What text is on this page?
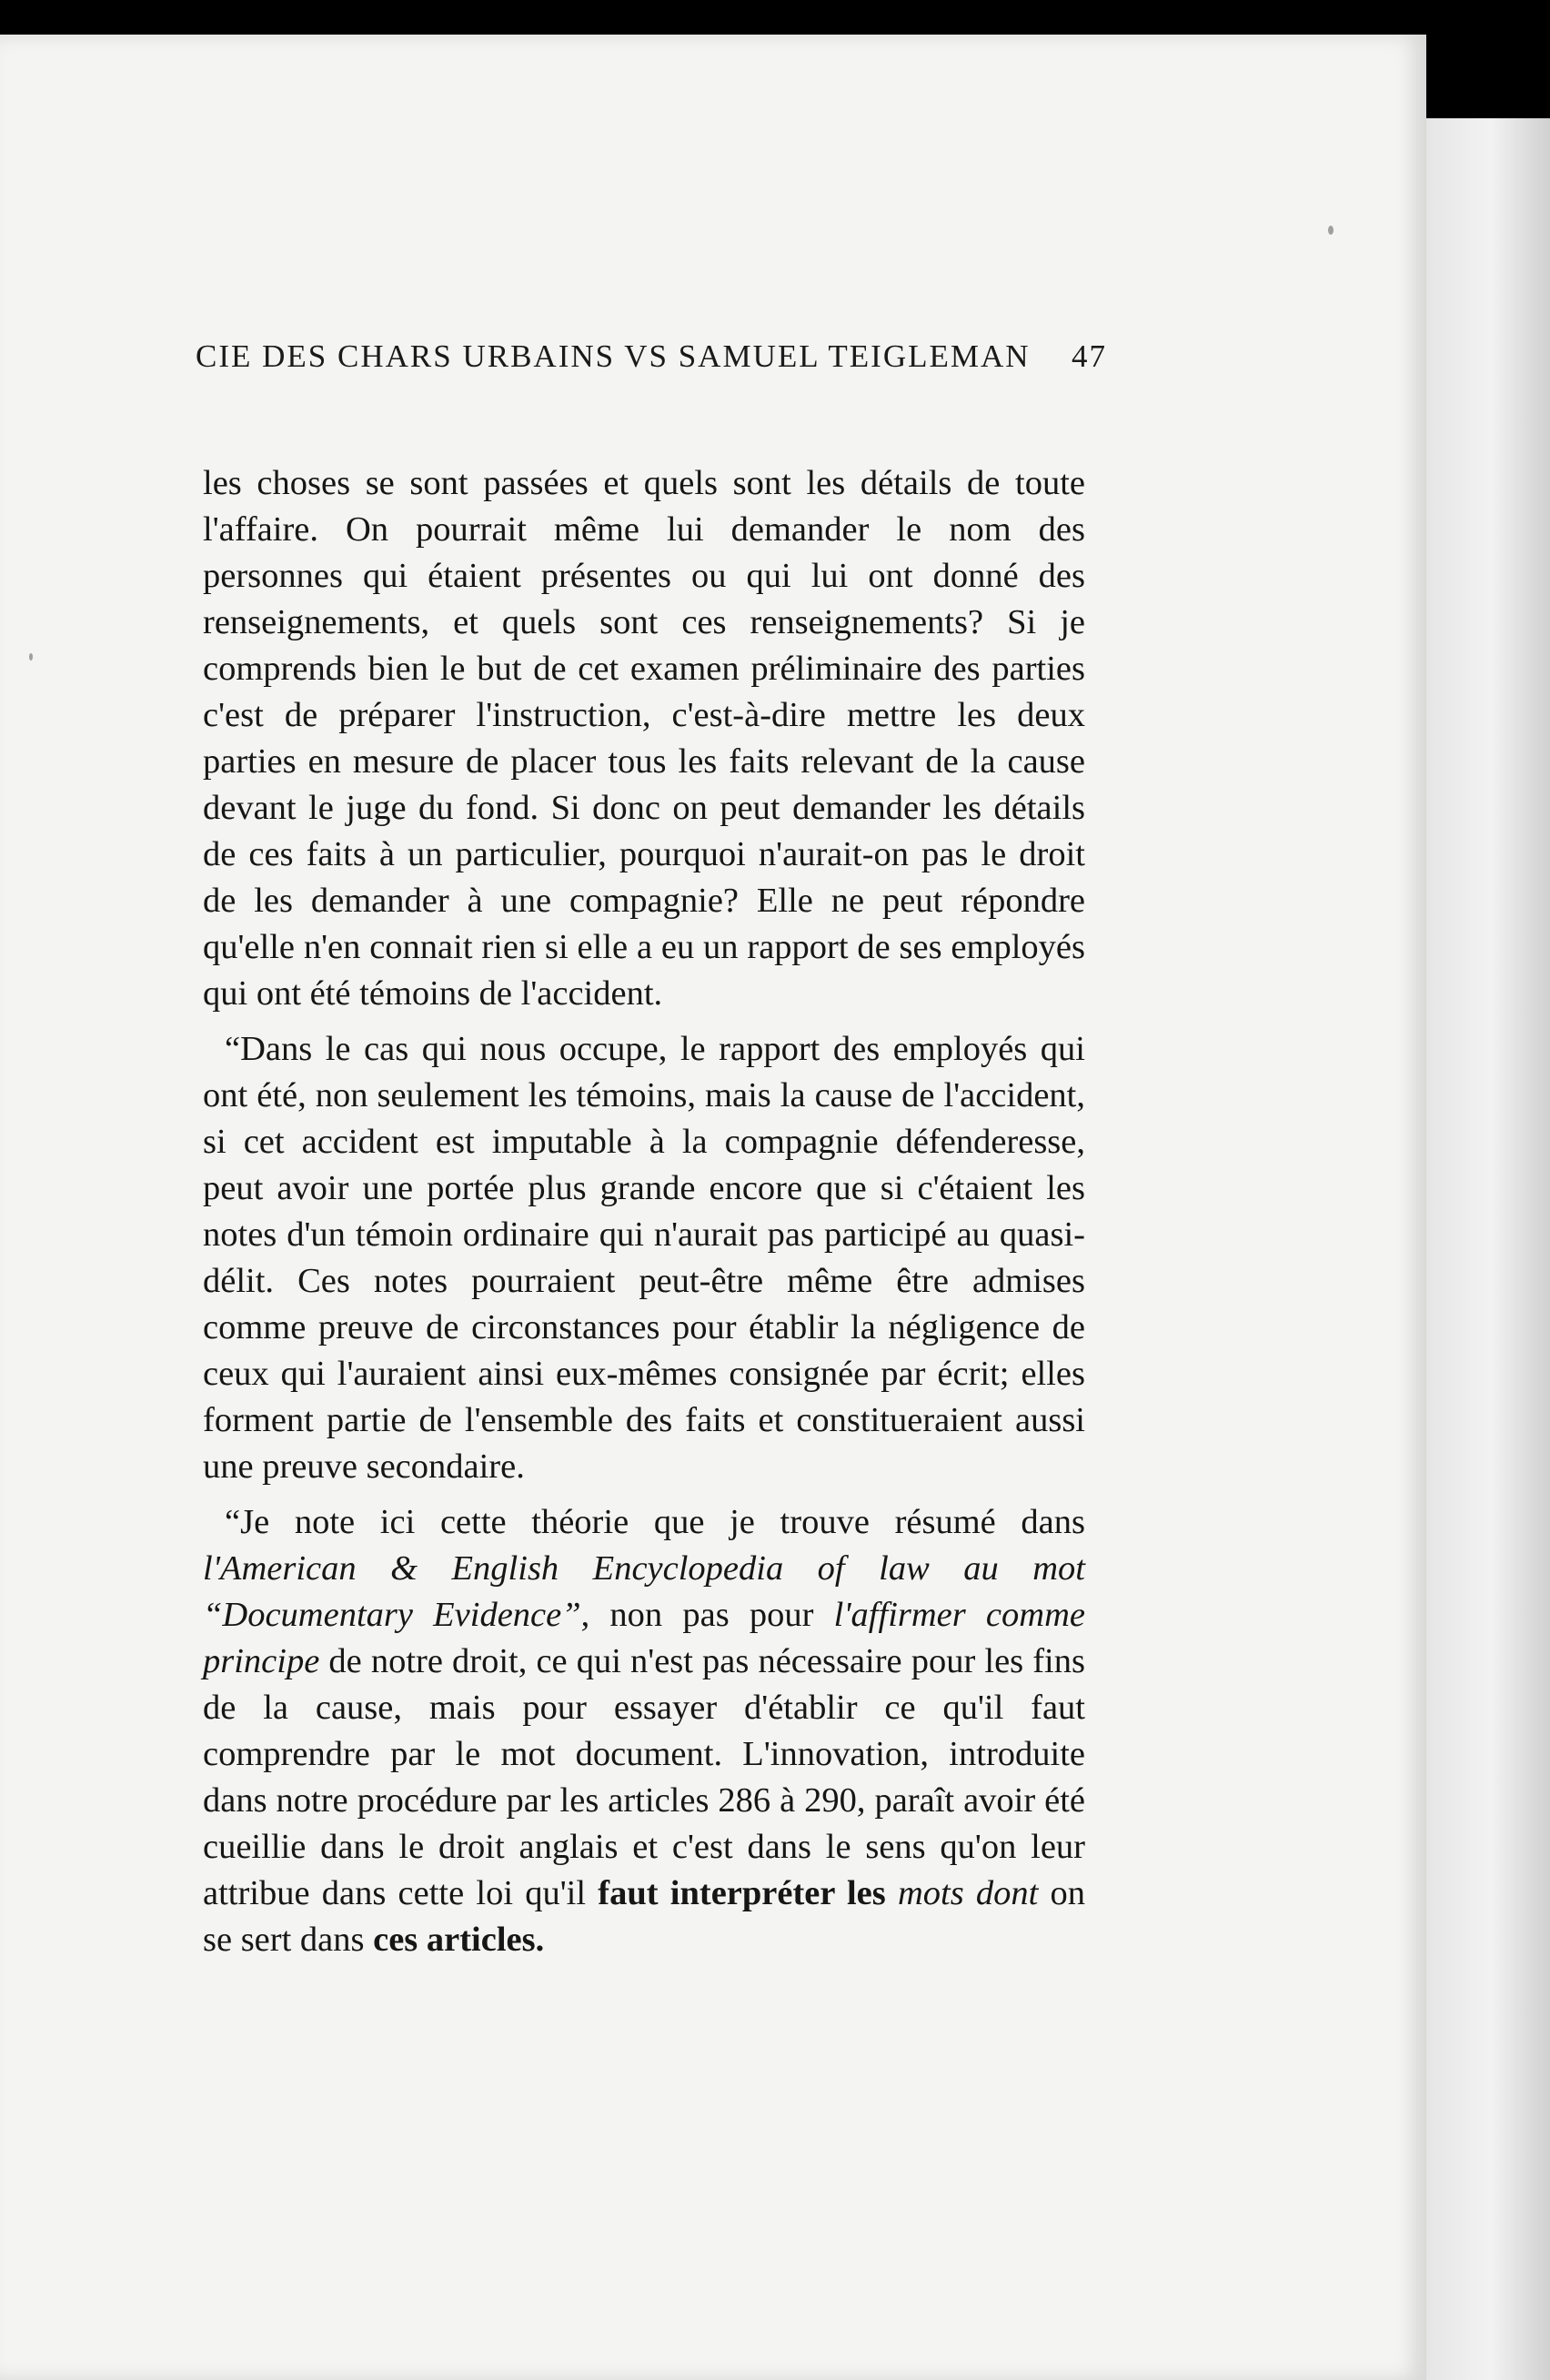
CIE DES CHARS URBAINS VS SAMUEL TEIGLEMAN 47

les choses se sont passées et quels sont les détails de toute l'affaire. On pourrait même lui demander le nom des personnes qui étaient présentes ou qui lui ont donné des renseignements, et quels sont ces renseignements? Si je comprends bien le but de cet examen préliminaire des parties c'est de préparer l'instruction, c'est-à-dire mettre les deux parties en mesure de placer tous les faits relevant de la cause devant le juge du fond. Si donc on peut demander les détails de ces faits à un particulier, pourquoi n'aurait-on pas le droit de les demander à une compagnie? Elle ne peut répondre qu'elle n'en connait rien si elle a eu un rapport de ses employés qui ont été témoins de l'accident.

“Dans le cas qui nous occupe, le rapport des employés qui ont été, non seulement les témoins, mais la cause de l'accident, si cet accident est imputable à la compagnie défenderesse, peut avoir une portée plus grande encore que si c'étaient les notes d'un témoin ordinaire qui n'aurait pas participé au quasi-délit. Ces notes pourraient peut-être même être admises comme preuve de circonstances pour établir la négligence de ceux qui l'auraient ainsi eux-mêmes consignée par écrit; elles forment partie de l'ensemble des faits et constitueraient aussi une preuve secondaire.

“Je note ici cette théorie que je trouve résumé dans l'American & English Encyclopedia of law au mot “Documentary Evidence”, non pas pour l'affirmer comme principe de notre droit, ce qui n'est pas nécessaire pour les fins de la cause, mais pour essayer d'établir ce qu'il faut comprendre par le mot document. L'innovation, introduite dans notre procédure par les articles 286 à 290, paraît avoir été cueillie dans le droit anglais et c'est dans le sens qu'on leur attribue dans cette loi qu'il faut interpréter les mots dont on se sert dans ces articles.
